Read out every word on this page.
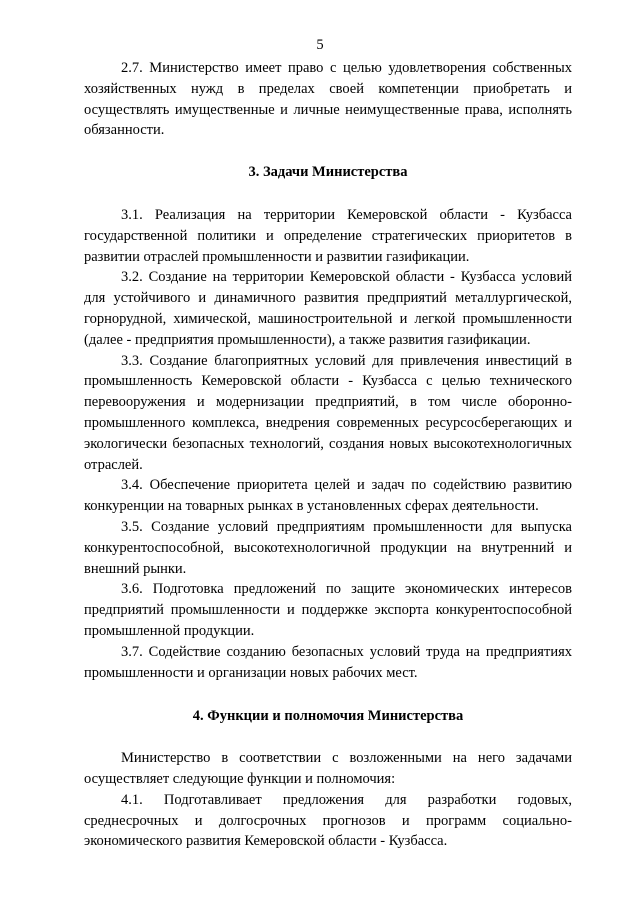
5

2.7. Министерство имеет право с целью удовлетворения собственных хозяйственных нужд в пределах своей компетенции приобретать и осуществлять имущественные и личные неимущественные права, исполнять обязанности.

3. Задачи Министерства

3.1. Реализация на территории Кемеровской области - Кузбасса государственной политики и определение стратегических приоритетов в развитии отраслей промышленности и развитии газификации.

3.2. Создание на территории Кемеровской области - Кузбасса условий для устойчивого и динамичного развития предприятий металлургической, горнорудной, химической, машиностроительной и легкой промышленности (далее - предприятия промышленности), а также развития газификации.

3.3. Создание благоприятных условий для привлечения инвестиций в промышленность Кемеровской области - Кузбасса с целью технического перевооружения и модернизации предприятий, в том числе оборонно-промышленного комплекса, внедрения современных ресурсосберегающих и экологически безопасных технологий, создания новых высокотехнологичных отраслей.

3.4. Обеспечение приоритета целей и задач по содействию развитию конкуренции на товарных рынках в установленных сферах деятельности.

3.5. Создание условий предприятиям промышленности для выпуска конкурентоспособной, высокотехнологичной продукции на внутренний и внешний рынки.

3.6. Подготовка предложений по защите экономических интересов предприятий промышленности и поддержке экспорта конкурентоспособной промышленной продукции.

3.7. Содействие созданию безопасных условий труда на предприятиях промышленности и организации новых рабочих мест.

4. Функции и полномочия Министерства

Министерство в соответствии с возложенными на него задачами осуществляет следующие функции и полномочия:

4.1. Подготавливает предложения для разработки годовых, среднесрочных и долгосрочных прогнозов и программ социально-экономического развития Кемеровской области - Кузбасса.
